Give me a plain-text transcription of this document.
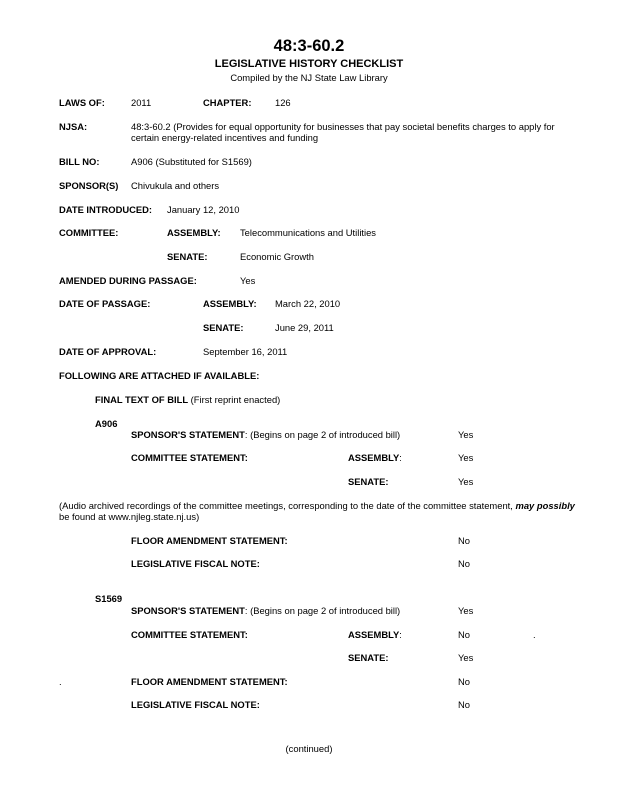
48:3-60.2
LEGISLATIVE HISTORY CHECKLIST
Compiled by the NJ State Law Library
LAWS OF:	2011	CHAPTER:	126
NJSA:	48:3-60.2 (Provides for equal opportunity for businesses that pay societal benefits charges to apply for
certain energy-related incentives and funding
BILL NO:	A906 (Substituted for S1569)
SPONSOR(S) Chivukula and others
DATE INTRODUCED: January 12, 2010
COMMITTEE:	ASSEMBLY: Telecommunications and Utilities
SENATE:	Economic Growth
AMENDED DURING PASSAGE:	Yes
DATE OF PASSAGE:	ASSEMBLY: March 22, 2010
SENATE:	June 29, 2011
DATE OF APPROVAL:	September 16, 2011
FOLLOWING ARE ATTACHED IF AVAILABLE:
FINAL TEXT OF BILL (First reprint enacted)
A906
SPONSOR'S STATEMENT: (Begins on page 2 of introduced bill)	Yes
COMMITTEE STATEMENT:	ASSEMBLY:	Yes
SENATE:	Yes
(Audio archived recordings of the committee meetings, corresponding to the date of the committee statement, may possibly
be found at www.njleg.state.nj.us)
FLOOR AMENDMENT STATEMENT:	No
LEGISLATIVE FISCAL NOTE:	No
S1569
SPONSOR'S STATEMENT: (Begins on page 2 of introduced bill)	Yes
COMMITTEE STATEMENT:	ASSEMBLY:	No	.
SENATE:	Yes
.	FLOOR AMENDMENT STATEMENT:	No
LEGISLATIVE FISCAL NOTE:	No
(continued)
